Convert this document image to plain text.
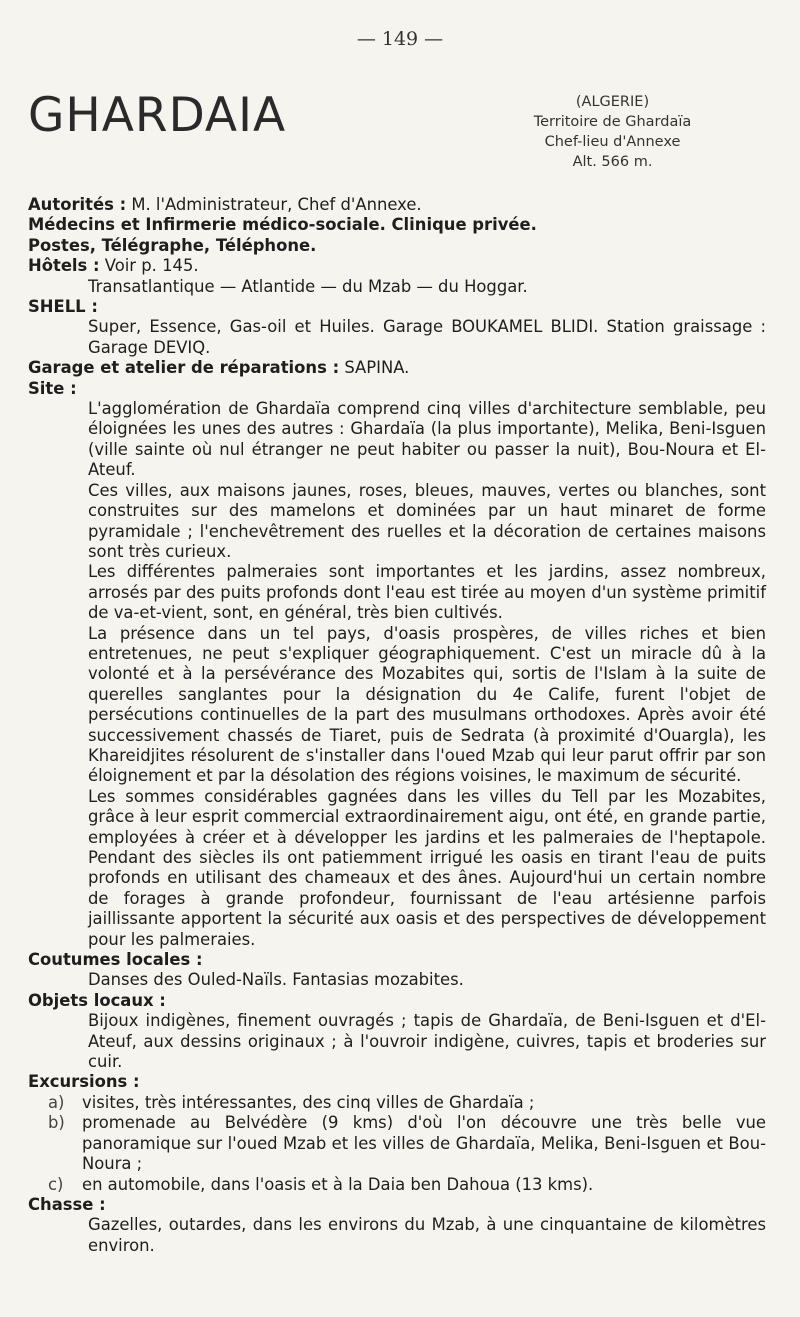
— 149 —
GHARDAIA	(ALGERIE)
Territoire de Ghardaïa
Chef-lieu d'Annexe
Alt. 566 m.

Autorités : M. l'Administrateur, Chef d'Annexe.

Médecins et Infirmerie médico-sociale. Clinique privée.

Postes, Télégraphe, Téléphone.

Hôtels : Voir p. 145.

Transatlantique — Atlantide — du Mzab — du Hoggar.

SHELL :

Super, Essence, Gas-oil et Huiles. Garage BOUKAMEL BLIDI. Station graissage : Garage DEVIQ.

Garage et atelier de réparations : SAPINA.

Site :

L'agglomération de Ghardaïa comprend cinq villes d'architecture semblable, peu éloignées les unes des autres : Ghardaïa (la plus importante), Melika, Beni-Isguen (ville sainte où nul étranger ne peut habiter ou passer la nuit), Bou-Noura et El-Ateuf.

Ces villes, aux maisons jaunes, roses, bleues, mauves, vertes ou blanches, sont construites sur des mamelons et dominées par un haut minaret de forme pyramidale ; l'enchevêtrement des ruelles et la décoration de certaines maisons sont très curieux.

Les différentes palmeraies sont importantes et les jardins, assez nombreux, arrosés par des puits profonds dont l'eau est tirée au moyen d'un système primitif de va-et-vient, sont, en général, très bien cultivés.

La présence dans un tel pays, d'oasis prospères, de villes riches et bien entretenues, ne peut s'expliquer géographiquement. C'est un miracle dû à la volonté et à la persévérance des Mozabites qui, sortis de l'Islam à la suite de querelles sanglantes pour la désignation du 4e Calife, furent l'objet de persécutions continuelles de la part des musulmans orthodoxes. Après avoir été successivement chassés de Tiaret, puis de Sedrata (à proximité d'Ouargla), les Khareidjites résolurent de s'installer dans l'oued Mzab qui leur parut offrir par son éloignement et par la désolation des régions voisines, le maximum de sécurité.

Les sommes considérables gagnées dans les villes du Tell par les Mozabites, grâce à leur esprit commercial extraordinairement aigu, ont été, en grande partie, employées à créer et à développer les jardins et les palmeraies de l'heptapole. Pendant des siècles ils ont patiemment irrigué les oasis en tirant l'eau de puits profonds en utilisant des chameaux et des ânes. Aujourd'hui un certain nombre de forages à grande profondeur, fournissant de l'eau artésienne parfois jaillissante apportent la sécurité aux oasis et des perspectives de développement pour les palmeraies.

Coutumes locales :

Danses des Ouled-Naïls. Fantasias mozabites.

Objets locaux :

Bijoux indigènes, finement ouvragés ; tapis de Ghardaïa, de Beni-Isguen et d'El-Ateuf, aux dessins originaux ; à l'ouvroir indigène, cuivres, tapis et broderies sur cuir.

Excursions :

a)	visites, très intéressantes, des cinq villes de Ghardaïa ;
b)	promenade au Belvédère (9 kms) d'où l'on découvre une très belle vue panoramique sur l'oued Mzab et les villes de Ghardaïa, Melika, Beni-Isguen et Bou-Noura ;
c)	en automobile, dans l'oasis et à la Daia ben Dahoua (13 kms).

Chasse :

Gazelles, outardes, dans les environs du Mzab, à une cinquantaine de kilomètres environ.
